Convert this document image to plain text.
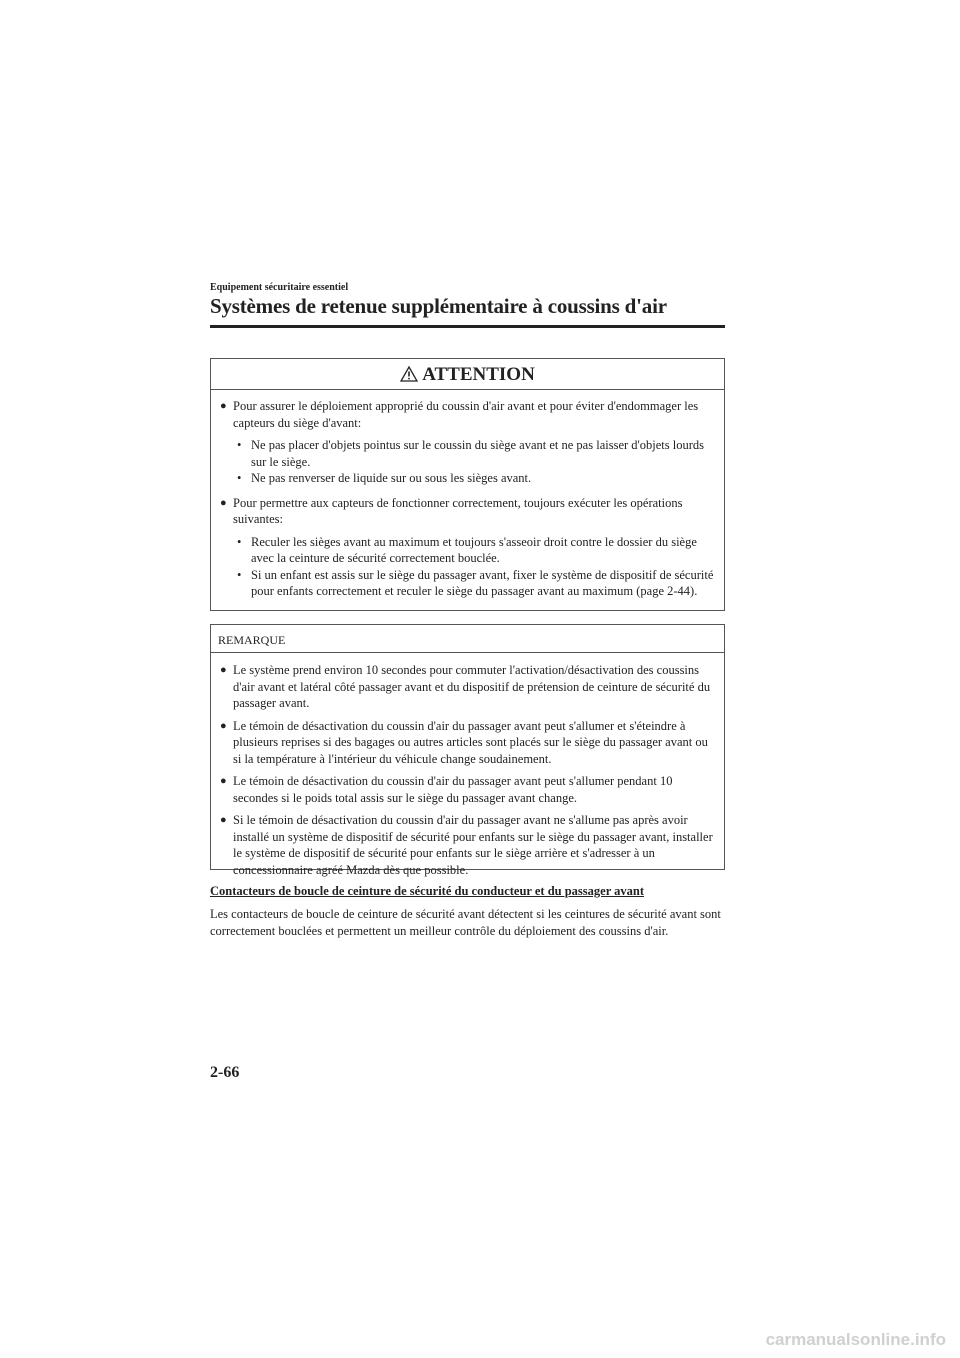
Equipement sécuritaire essentiel
Systèmes de retenue supplémentaire à coussins d'air
ATTENTION
● Pour assurer le déploiement approprié du coussin d'air avant et pour éviter d'endommager les capteurs du siège d'avant:
• Ne pas placer d'objets pointus sur le coussin du siège avant et ne pas laisser d'objets lourds sur le siège.
• Ne pas renverser de liquide sur ou sous les sièges avant.
● Pour permettre aux capteurs de fonctionner correctement, toujours exécuter les opérations suivantes:
• Reculer les sièges avant au maximum et toujours s'asseoir droit contre le dossier du siège avec la ceinture de sécurité correctement bouclée.
• Si un enfant est assis sur le siège du passager avant, fixer le système de dispositif de sécurité pour enfants correctement et reculer le siège du passager avant au maximum (page 2-44).
REMARQUE
● Le système prend environ 10 secondes pour commuter l'activation/désactivation des coussins d'air avant et latéral côté passager avant et du dispositif de prétension de ceinture de sécurité du passager avant.
● Le témoin de désactivation du coussin d'air du passager avant peut s'allumer et s'éteindre à plusieurs reprises si des bagages ou autres articles sont placés sur le siège du passager avant ou si la température à l'intérieur du véhicule change soudainement.
● Le témoin de désactivation du coussin d'air du passager avant peut s'allumer pendant 10 secondes si le poids total assis sur le siège du passager avant change.
● Si le témoin de désactivation du coussin d'air du passager avant ne s'allume pas après avoir installé un système de dispositif de sécurité pour enfants sur le siège du passager avant, installer le système de dispositif de sécurité pour enfants sur le siège arrière et s'adresser à un concessionnaire agréé Mazda dès que possible.
Contacteurs de boucle de ceinture de sécurité du conducteur et du passager avant
Les contacteurs de boucle de ceinture de sécurité avant détectent si les ceintures de sécurité avant sont correctement bouclées et permettent un meilleur contrôle du déploiement des coussins d'air.
2-66
carmanualsonline.info
